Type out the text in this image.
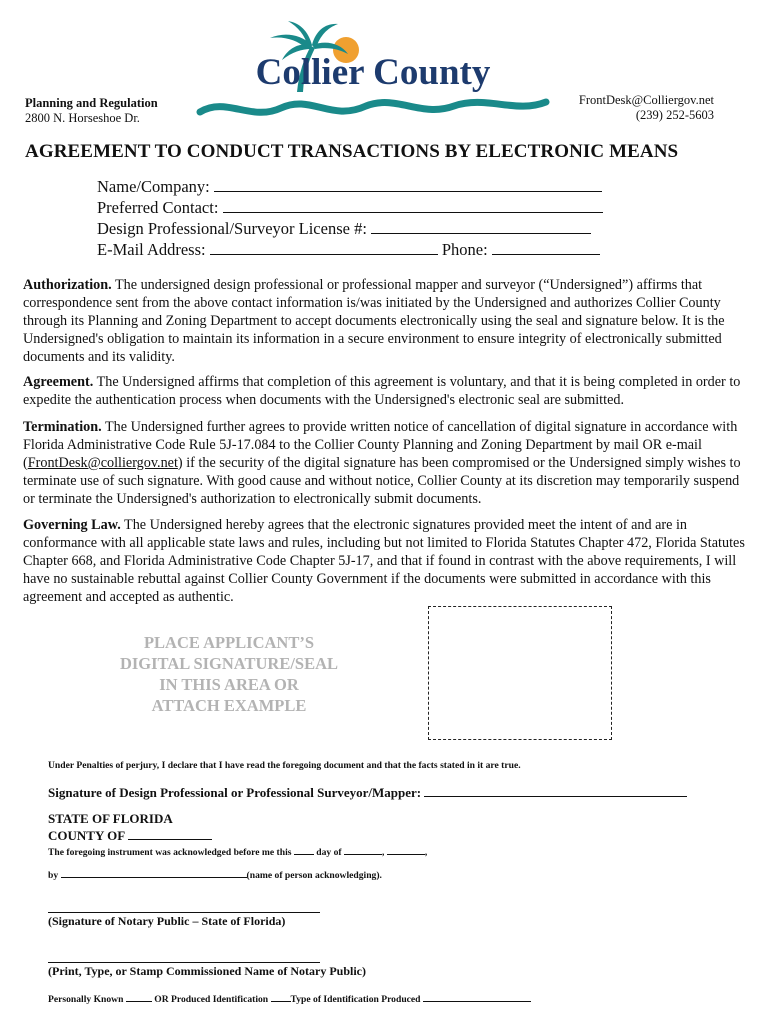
Planning and Regulation
2800 N. Horseshoe Dr.
Collier County
FrontDesk@Colliergov.net
(239) 252-5603
AGREEMENT TO CONDUCT TRANSACTIONS BY ELECTRONIC MEANS
Name/Company:
Preferred Contact:
Design Professional/Surveyor License #:
E-Mail Address:	Phone:
Authorization. The undersigned design professional or professional mapper and surveyor (“Undersigned”) affirms that correspondence sent from the above contact information is/was initiated by the Undersigned and authorizes Collier County through its Planning and Zoning Department to accept documents electronically using the seal and signature below. It is the Undersigned's obligation to maintain its information in a secure environment to ensure integrity of electronically submitted documents and its validity.
Agreement. The Undersigned affirms that completion of this agreement is voluntary, and that it is being completed in order to expedite the authentication process when documents with the Undersigned's electronic seal are submitted.
Termination. The Undersigned further agrees to provide written notice of cancellation of digital signature in accordance with Florida Administrative Code Rule 5J-17.084 to the Collier County Planning and Zoning Department by mail OR e-mail (FrontDesk@colliergov.net) if the security of the digital signature has been compromised or the Undersigned simply wishes to terminate use of such signature. With good cause and without notice, Collier County at its discretion may temporarily suspend or terminate the Undersigned's authorization to electronically submit documents.
Governing Law. The Undersigned hereby agrees that the electronic signatures provided meet the intent of and are in conformance with all applicable state laws and rules, including but not limited to Florida Statutes Chapter 472, Florida Statutes Chapter 668, and Florida Administrative Code Chapter 5J-17, and that if found in contrast with the above requirements, I will have no sustainable rebuttal against Collier County Government if the documents were submitted in accordance with this agreement and accepted as authentic.
PLACE APPLICANT’S
DIGITAL SIGNATURE/SEAL
IN THIS AREA OR
ATTACH EXAMPLE
Under Penalties of perjury, I declare that I have read the foregoing document and that the facts stated in it are true.
Signature of Design Professional or Professional Surveyor/Mapper:
STATE OF FLORIDA
COUNTY OF
The foregoing instrument was acknowledged before me this	day of	,	,
by	(name of person acknowledging).
(Signature of Notary Public – State of Florida)
(Print, Type, or Stamp Commissioned Name of Notary Public)
Personally Known	OR Produced Identification Type of Identification Produced
